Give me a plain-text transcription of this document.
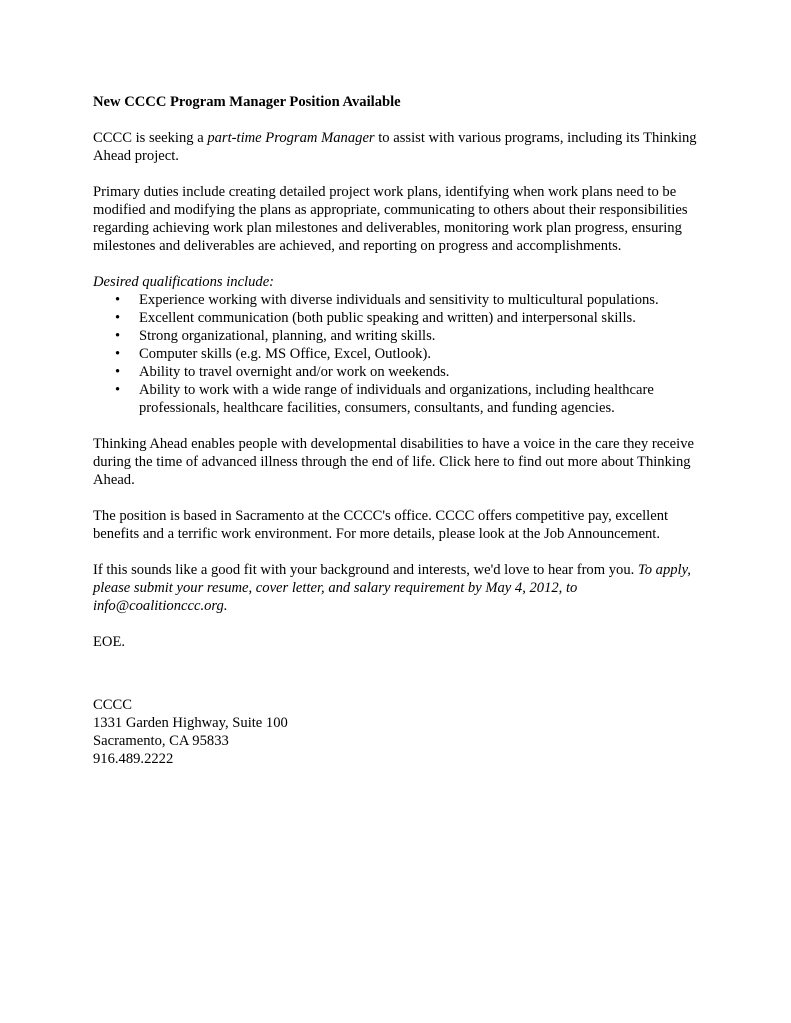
New CCCC Program Manager Position Available

CCCC is seeking a part-time Program Manager to assist with various programs, including its Thinking Ahead project.

Primary duties include creating detailed project work plans, identifying when work plans need to be modified and modifying the plans as appropriate, communicating to others about their responsibilities regarding achieving work plan milestones and deliverables, monitoring work plan progress, ensuring milestones and deliverables are achieved, and reporting on progress and accomplishments.

Desired qualifications include:
• Experience working with diverse individuals and sensitivity to multicultural populations.
• Excellent communication (both public speaking and written) and interpersonal skills.
• Strong organizational, planning, and writing skills.
• Computer skills (e.g. MS Office, Excel, Outlook).
• Ability to travel overnight and/or work on weekends.
• Ability to work with a wide range of individuals and organizations, including healthcare professionals, healthcare facilities, consumers, consultants, and funding agencies.

Thinking Ahead enables people with developmental disabilities to have a voice in the care they receive during the time of advanced illness through the end of life. Click here to find out more about Thinking Ahead.

The position is based in Sacramento at the CCCC's office. CCCC offers competitive pay, excellent benefits and a terrific work environment. For more details, please look at the Job Announcement.

If this sounds like a good fit with your background and interests, we'd love to hear from you. To apply, please submit your resume, cover letter, and salary requirement by May 4, 2012, to info@coalitionccc.org.

EOE.
CCCC
1331 Garden Highway, Suite 100
Sacramento, CA 95833
916.489.2222
